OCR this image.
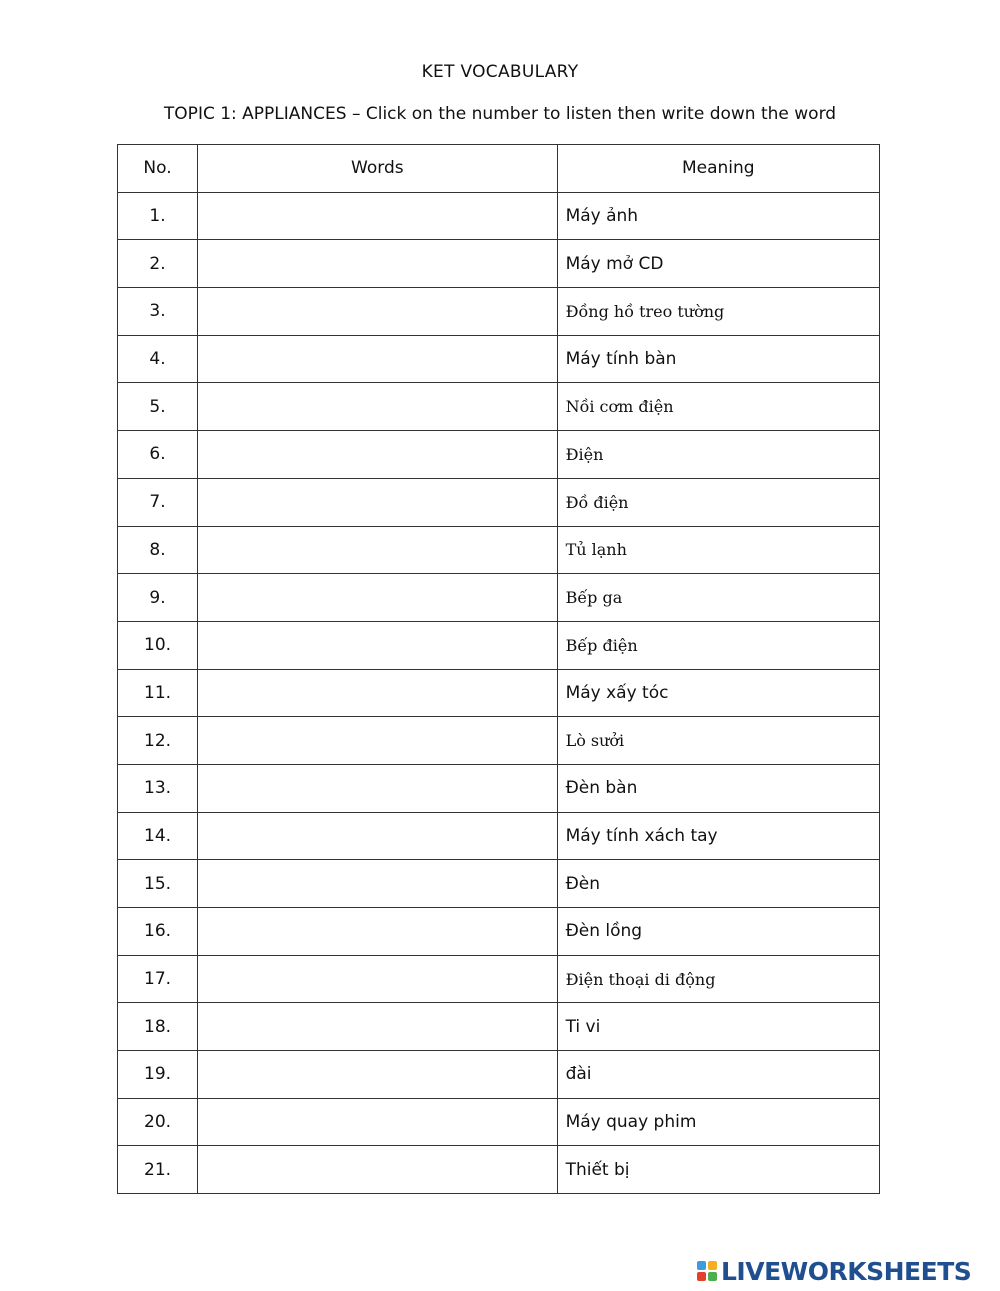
KET VOCABULARY
TOPIC 1: APPLIANCES – Click on the number to listen then write down the word
No.	Words	Meaning
1.		Máy ảnh
2.		Máy mở CD
3.		Đồng hồ treo tường
4.		Máy tính bàn
5.		Nồi cơm điện
6.		Điện
7.		Đồ điện
8.		Tủ lạnh
9.		Bếp ga
10.		Bếp điện
11.		Máy xấy tóc
12.		Lò sưởi
13.		Đèn bàn
14.		Máy tính xách tay
15.		Đèn
16.		Đèn lồng
17.		Điện thoại di động
18.		Ti vi
19.		đài
20.		Máy quay phim
21.		Thiết bị
LIVEWORKSHEETS
